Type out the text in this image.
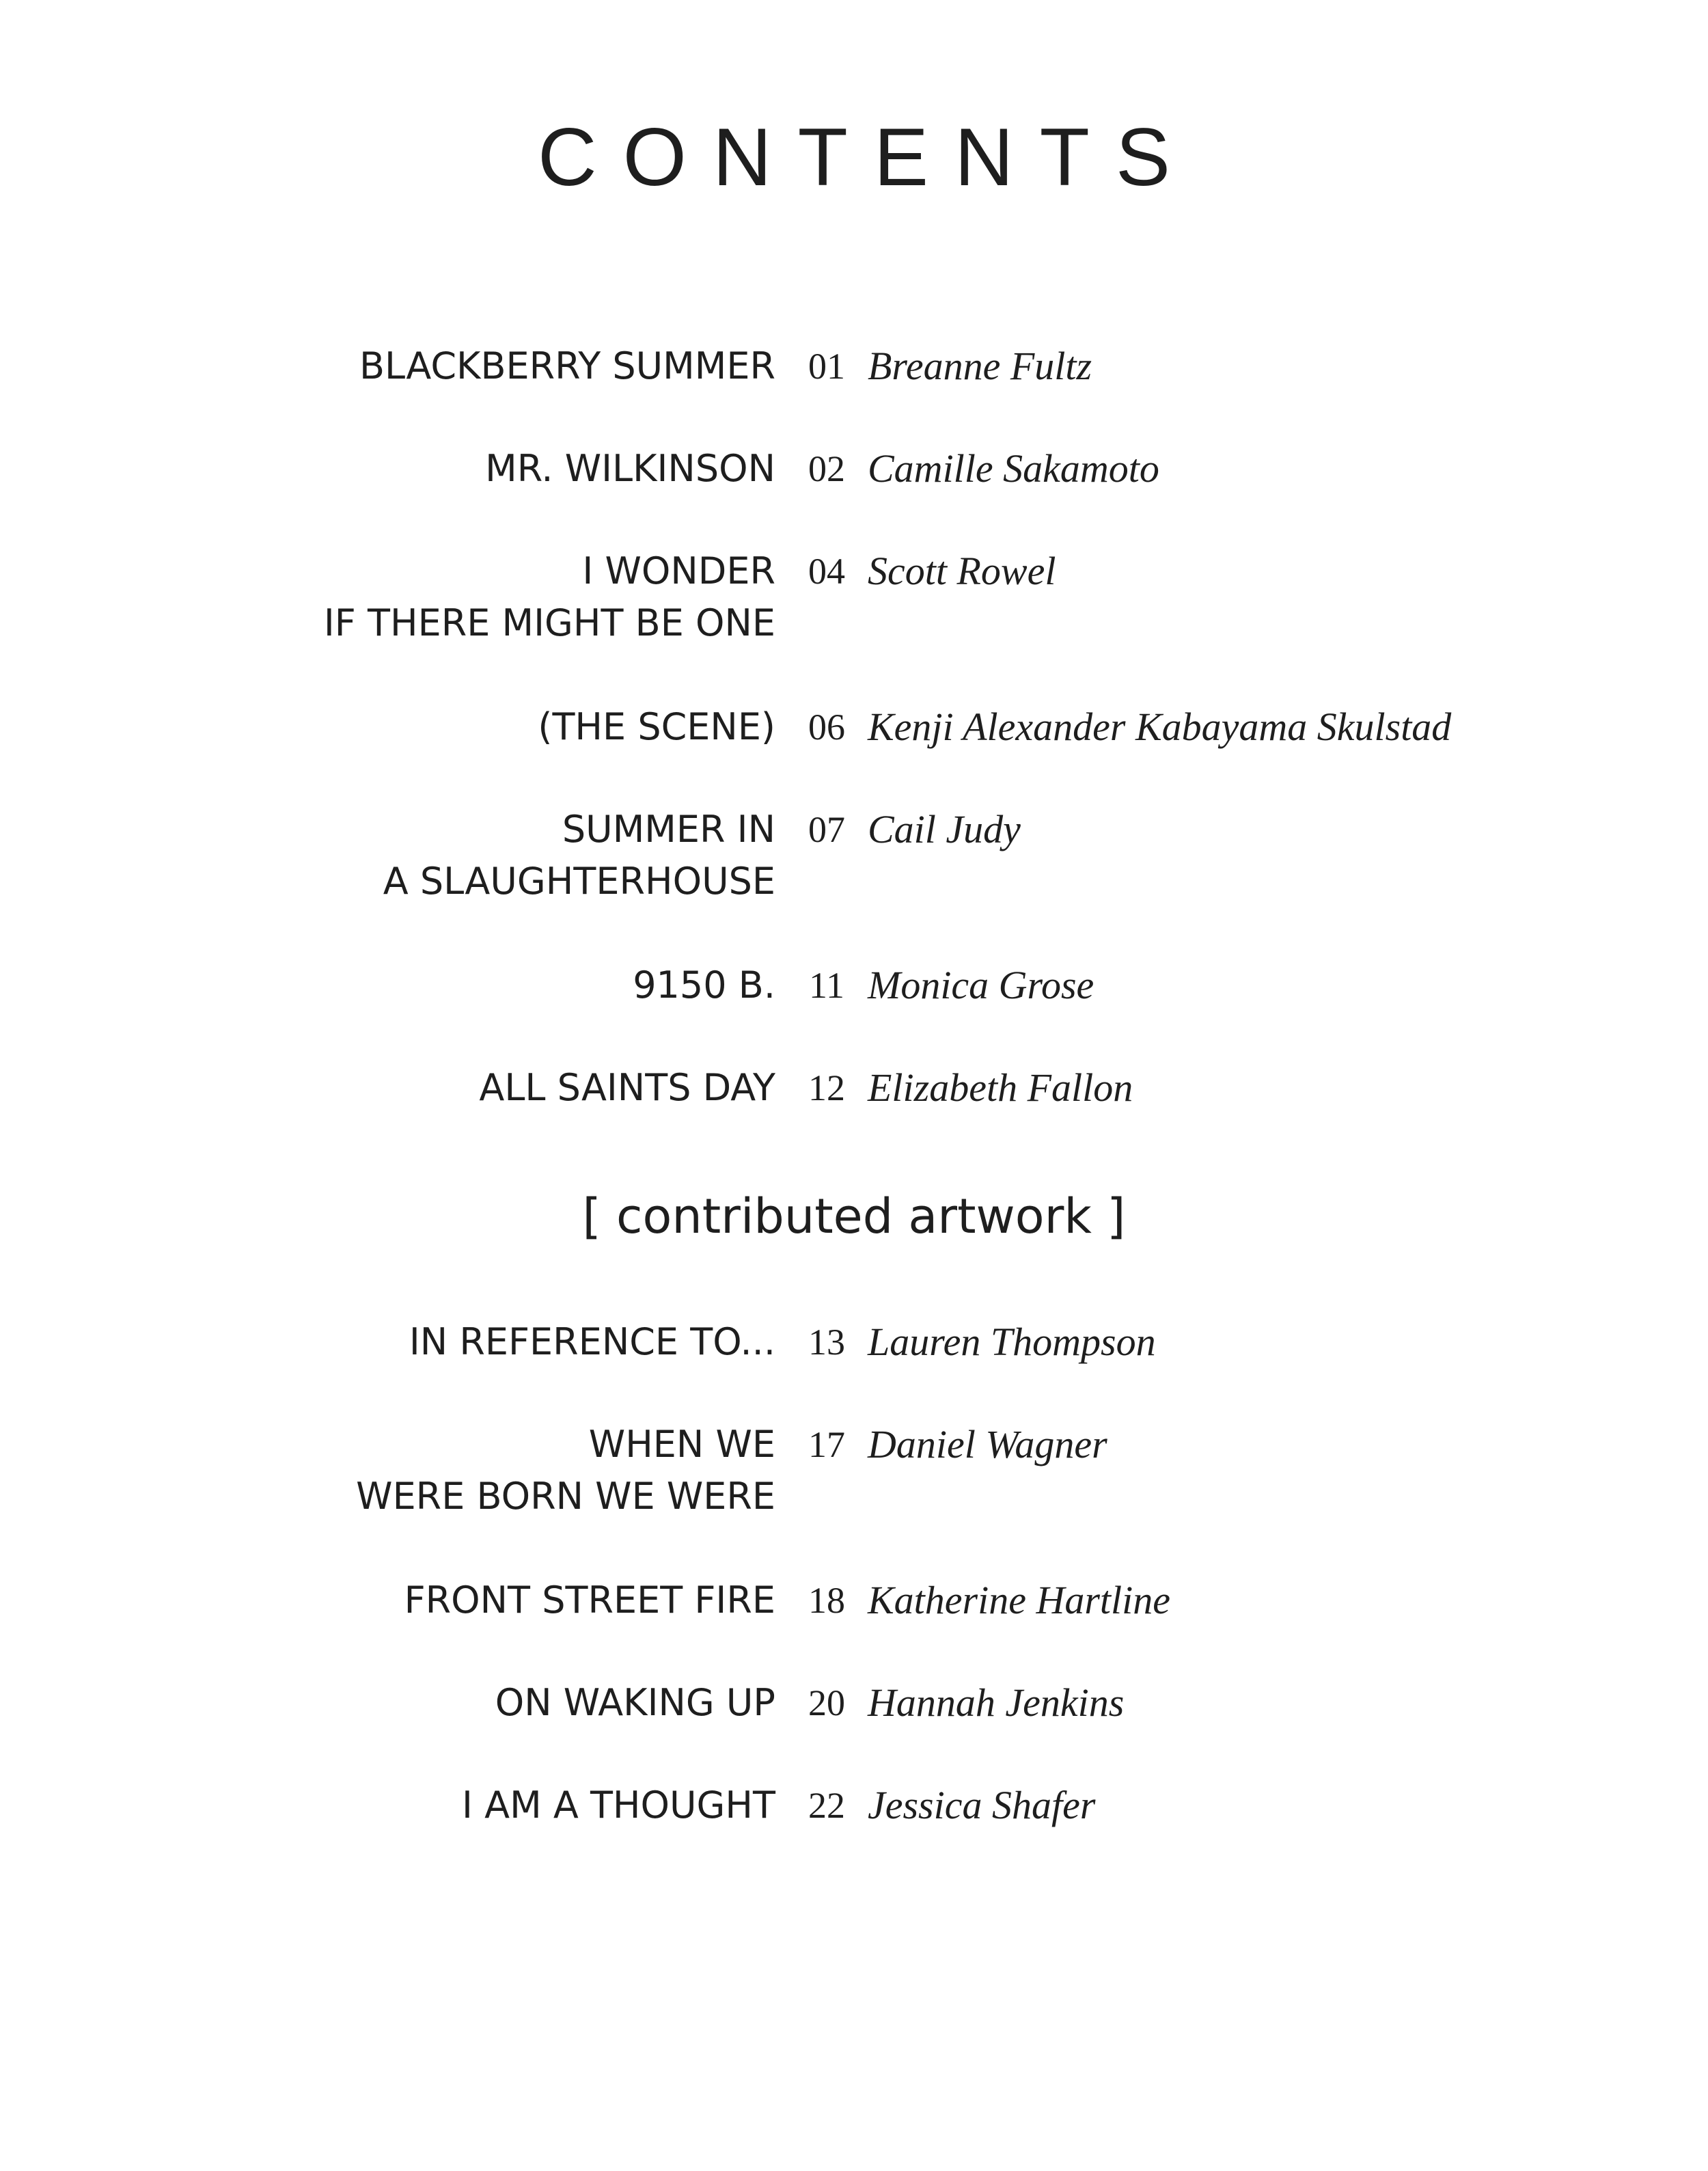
CONTENTS
BLACKBERRY SUMMER 01 Breanne Fultz
MR. WILKINSON 02 Camille Sakamoto
I WONDER
IF THERE MIGHT BE ONE
04 Scott Rowel
(THE SCENE) 06 Kenji Alexander Kabayama Skulstad
SUMMER IN
A SLAUGHTERHOUSE
07 Cail Judy
9150 B. 11 Monica Grose
ALL SAINTS DAY 12 Elizabeth Fallon
[ contributed artwork ]
IN REFERENCE TO... 13 Lauren Thompson
WHEN WE
WERE BORN WE WERE
17 Daniel Wagner
FRONT STREET FIRE 18 Katherine Hartline
ON WAKING UP 20 Hannah Jenkins
I AM A THOUGHT 22 Jessica Shafer
